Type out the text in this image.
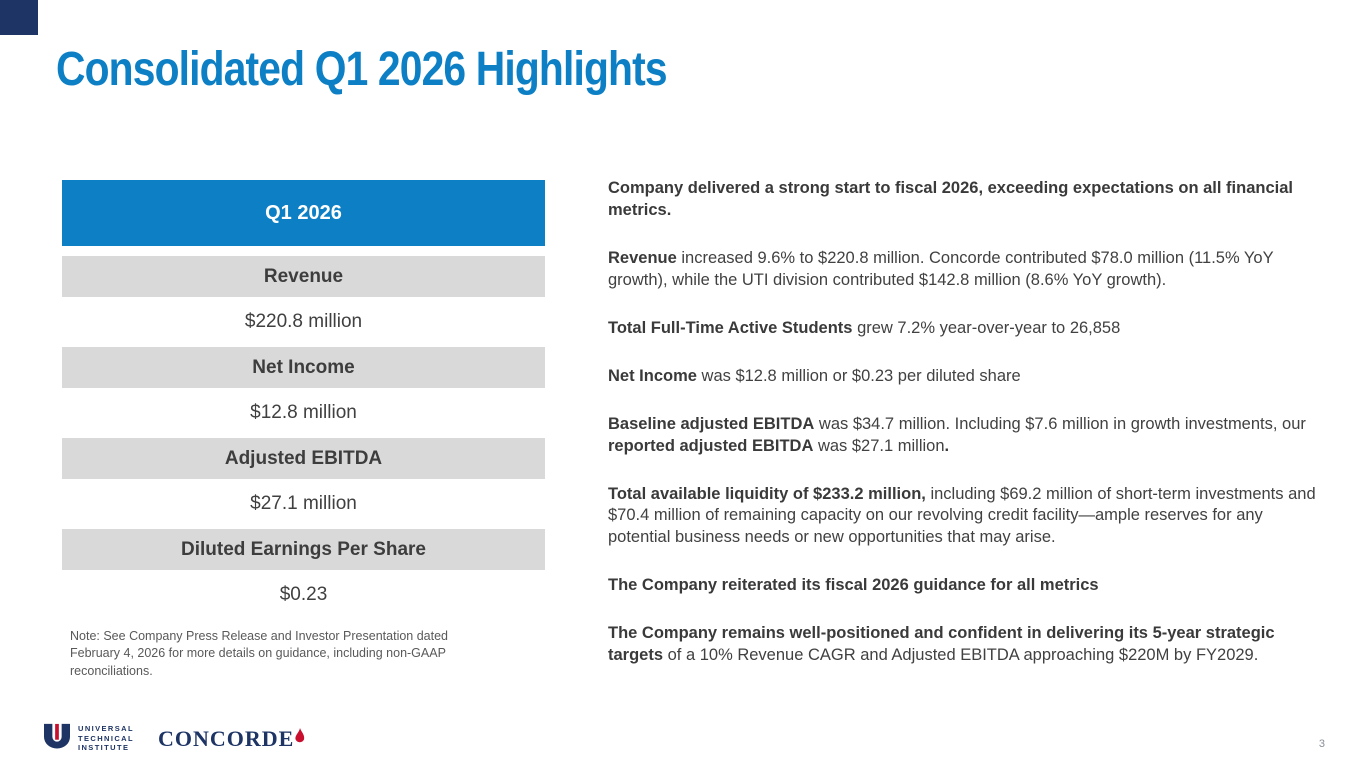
Consolidated Q1 2026 Highlights
Q1 2026
Revenue
$220.8 million
Net Income
$12.8 million
Adjusted EBITDA
$27.1 million
Diluted Earnings Per Share
$0.23
Note: See Company Press Release and Investor Presentation dated February 4, 2026 for more details on guidance, including non-GAAP reconciliations.
Company delivered a strong start to fiscal 2026, exceeding expectations on all financial metrics.
Revenue increased 9.6% to $220.8 million. Concorde contributed $78.0 million (11.5% YoY growth), while the UTI division contributed $142.8 million (8.6% YoY growth).
Total Full-Time Active Students grew 7.2% year-over-year to 26,858
Net Income was $12.8 million or $0.23 per diluted share
Baseline adjusted EBITDA was $34.7 million. Including $7.6 million in growth investments, our reported adjusted EBITDA was $27.1 million.
Total available liquidity of $233.2 million, including $69.2 million of short-term investments and $70.4 million of remaining capacity on our revolving credit facility—ample reserves for any potential business needs or new opportunities that may arise.
The Company reiterated its fiscal 2026 guidance for all metrics
The Company remains well-positioned and confident in delivering its 5-year strategic targets of a 10% Revenue CAGR and Adjusted EBITDA approaching $220M by FY2029.
UNIVERSAL
TECHNICAL
INSTITUTE CONCORDE	3
